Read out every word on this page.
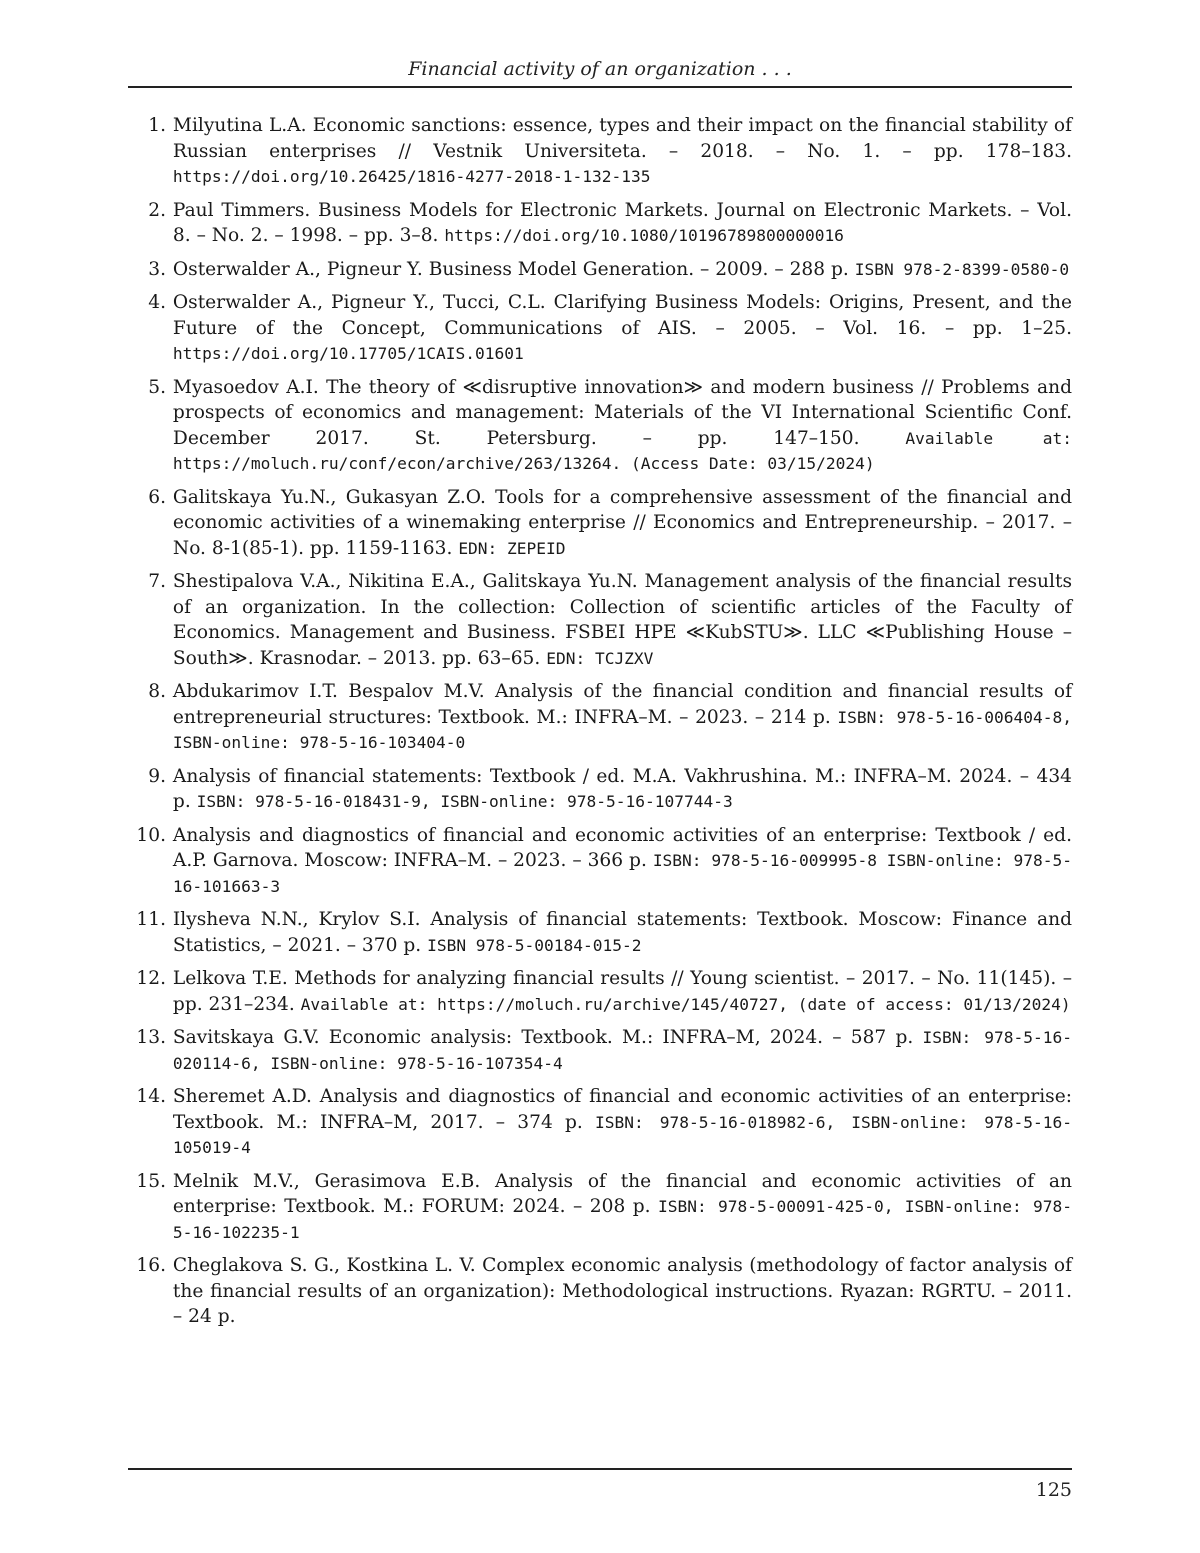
Financial activity of an organization . . .
1.
Milyutina L.A. Economic sanctions: essence, types and their impact on the financial stability of Russian enterprises // Vestnik Universiteta. – 2018. – No. 1. – pp. 178–183. https://doi.org/10.26425/1816-4277-2018-1-132-135
2.
Paul Timmers. Business Models for Electronic Markets. Journal on Electronic Markets. – Vol. 8. – No. 2. – 1998. – pp. 3–8. https://doi.org/10.1080/10196789800000016
3.
Osterwalder A., Pigneur Y. Business Model Generation. – 2009. – 288 p. ISBN 978-2-8399-0580-0
4.
Osterwalder A., Pigneur Y., Tucci, C.L. Clarifying Business Models: Origins, Present, and the Future of the Concept, Communications of AIS. – 2005. – Vol. 16. – pp. 1–25. https://doi.org/10.17705/1CAIS.01601
5.
Myasoedov A.I. The theory of ≪disruptive innovation≫ and modern business // Problems and prospects of economics and management: Materials of the VI International Scientific Conf. December 2017. St. Petersburg. – pp. 147–150.	Available at: https://moluch.ru/conf/econ/archive/263/13264. (Access Date: 03/15/2024)
6.
Galitskaya Yu.N., Gukasyan Z.O. Tools for a comprehensive assessment of the financial and economic activities of a winemaking enterprise // Economics and Entrepreneurship. – 2017. – No. 8-1(85-1). pp. 1159-1163. EDN: ZEPEID
7.
Shestipalova V.A., Nikitina E.A., Galitskaya Yu.N. Management analysis of the financial results of an organization. In the collection: Collection of scientific articles of the Faculty of Economics. Management and Business. FSBEI HPE ≪KubSTU≫. LLC ≪Publishing House – South≫. Krasnodar. – 2013. pp. 63–65. EDN: TCJZXV
8.
Abdukarimov I.T. Bespalov M.V. Analysis of the financial condition and financial results of entrepreneurial structures: Textbook. M.: INFRA–M. – 2023. – 214 p. ISBN: 978-5-16-006404-8, ISBN-online: 978-5-16-103404-0
9.
Analysis of financial statements: Textbook / ed. M.A. Vakhrushina. M.: INFRA–M. 2024. – 434 p. ISBN: 978-5-16-018431-9, ISBN-online: 978-5-16-107744-3
10.
Analysis and diagnostics of financial and economic activities of an enterprise: Textbook / ed. A.P. Garnova. Moscow: INFRA–M. – 2023. – 366 p. ISBN: 978-5-16-009995-8 ISBN-online: 978-5-16-101663-3
11.
Ilysheva N.N., Krylov S.I. Analysis of financial statements: Textbook. Moscow: Finance and Statistics, – 2021. – 370 p. ISBN 978-5-00184-015-2
12.
Lelkova T.E. Methods for analyzing financial results // Young scientist. – 2017. – No. 11(145). – pp. 231–234. Available at: https://moluch.ru/archive/145/40727, (date of access: 01/13/2024)
13.
Savitskaya G.V. Economic analysis: Textbook. M.: INFRA–M, 2024. – 587 p. ISBN: 978-5-16-020114-6, ISBN-online: 978-5-16-107354-4
14.
Sheremet A.D. Analysis and diagnostics of financial and economic activities of an enterprise: Textbook. M.: INFRA–M, 2017. – 374 p. ISBN: 978-5-16-018982-6, ISBN-online: 978-5-16-105019-4
15.
Melnik M.V., Gerasimova E.B. Analysis of the financial and economic activities of an enterprise: Textbook. M.: FORUM: 2024. – 208 p. ISBN: 978-5-00091-425-0, ISBN-online: 978-5-16-102235-1
16.
Cheglakova S. G., Kostkina L. V. Complex economic analysis (methodology of factor analysis of the financial results of an organization): Methodological instructions. Ryazan: RGRTU. – 2011. – 24 p.
125
